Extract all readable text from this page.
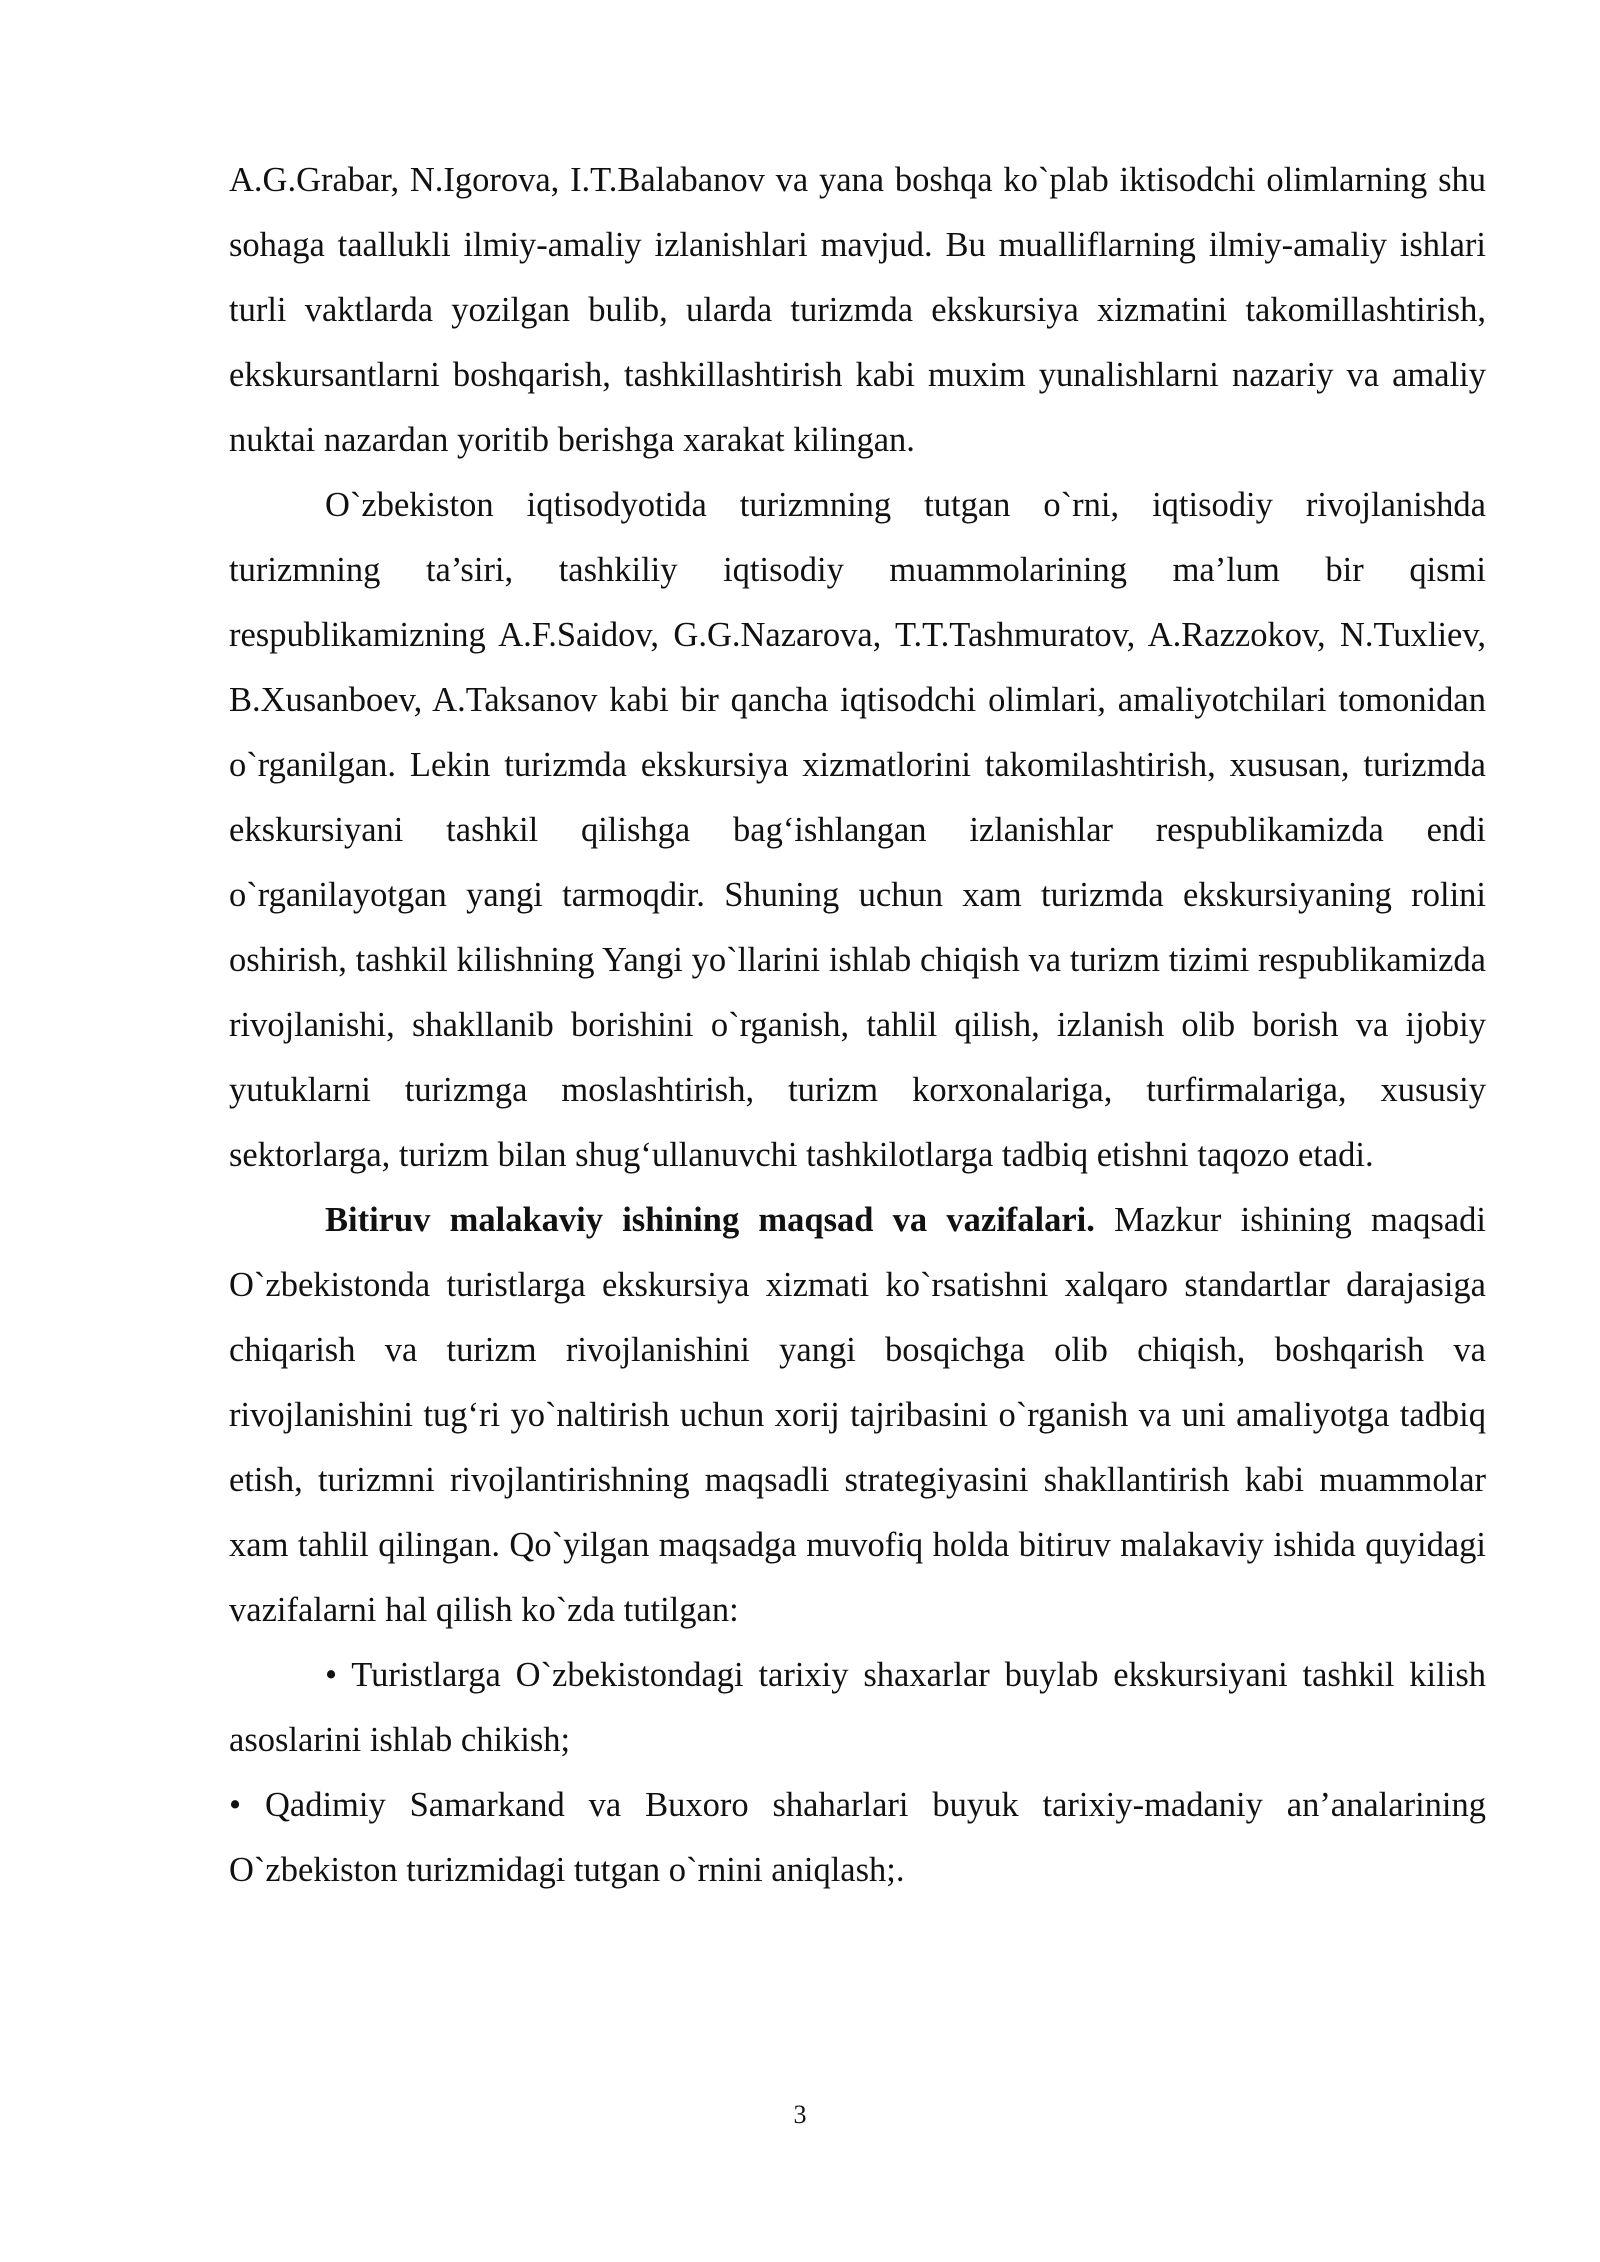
A.G.Grabar, N.Igorova, I.T.Balabanov va yana boshqa ko`plab iktisodchi olimlarning shu sohaga taallukli ilmiy-amaliy izlanishlari mavjud. Bu mualliflarning ilmiy-amaliy ishlari turli vaktlarda yozilgan bulib, ularda turizmda ekskursiya xizmatini takomillashtirish, ekskursantlarni boshqarish, tashkillashtirish kabi muxim yunalishlarni nazariy va amaliy nuktai nazardan yoritib berishga xarakat kilingan.

O`zbekiston iqtisodyotida turizmning tutgan o`rni, iqtisodiy rivojlanishda turizmning ta’siri, tashkiliy iqtisodiy muammolarining ma’lum bir qismi respublikamizning A.F.Saidov, G.G.Nazarova, T.T.Tashmuratov, A.Razzokov, N.Tuxliev, B.Xusanboev, A.Taksanov kabi bir qancha iqtisodchi olimlari, amaliyotchilari tomonidan o`rganilgan. Lekin turizmda ekskursiya xizmatlorini takomilashtirish, xususan, turizmda ekskursiyani tashkil qilishga bag‘ishlangan izlanishlar respublikamizda endi o`rganilayotgan yangi tarmoqdir. Shuning uchun xam turizmda ekskursiyaning rolini oshirish, tashkil kilishning Yangi yo`llarini ishlab chiqish va turizm tizimi respublikamizda rivojlanishi, shakllanib borishini o`rganish, tahlil qilish, izlanish olib borish va ijobiy yutuklarni turizmga moslashtirish, turizm korxonalariga, turfirmalariga, xususiy sektorlarga, turizm bilan shug‘ullanuvchi tashkilotlarga tadbiq etishni taqozo etadi.

Bitiruv malakaviy ishining maqsad va vazifalari. Mazkur ishining maqsadi O`zbekistonda turistlarga ekskursiya xizmati ko`rsatishni xalqaro standartlar darajasiga chiqarish va turizm rivojlanishini yangi bosqichga olib chiqish, boshqarish va rivojlanishini tug‘ri yo`naltirish uchun xorij tajribasini o`rganish va uni amaliyotga tadbiq etish, turizmni rivojlantirishning maqsadli strategiyasini shakllantirish kabi muammolar xam tahlil qilingan. Qo`yilgan maqsadga muvofiq holda bitiruv malakaviy ishida quyidagi vazifalarni hal qilish ko`zda tutilgan:

• Turistlarga O`zbekistondagi tarixiy shaxarlar buylab ekskursiyani tashkil kilish asoslarini ishlab chikish;

• Qadimiy Samarkand va Buxoro shaharlari buyuk tarixiy-madaniy an’analarining O`zbekiston turizmidagi tutgan o`rnini aniqlash;.

3
